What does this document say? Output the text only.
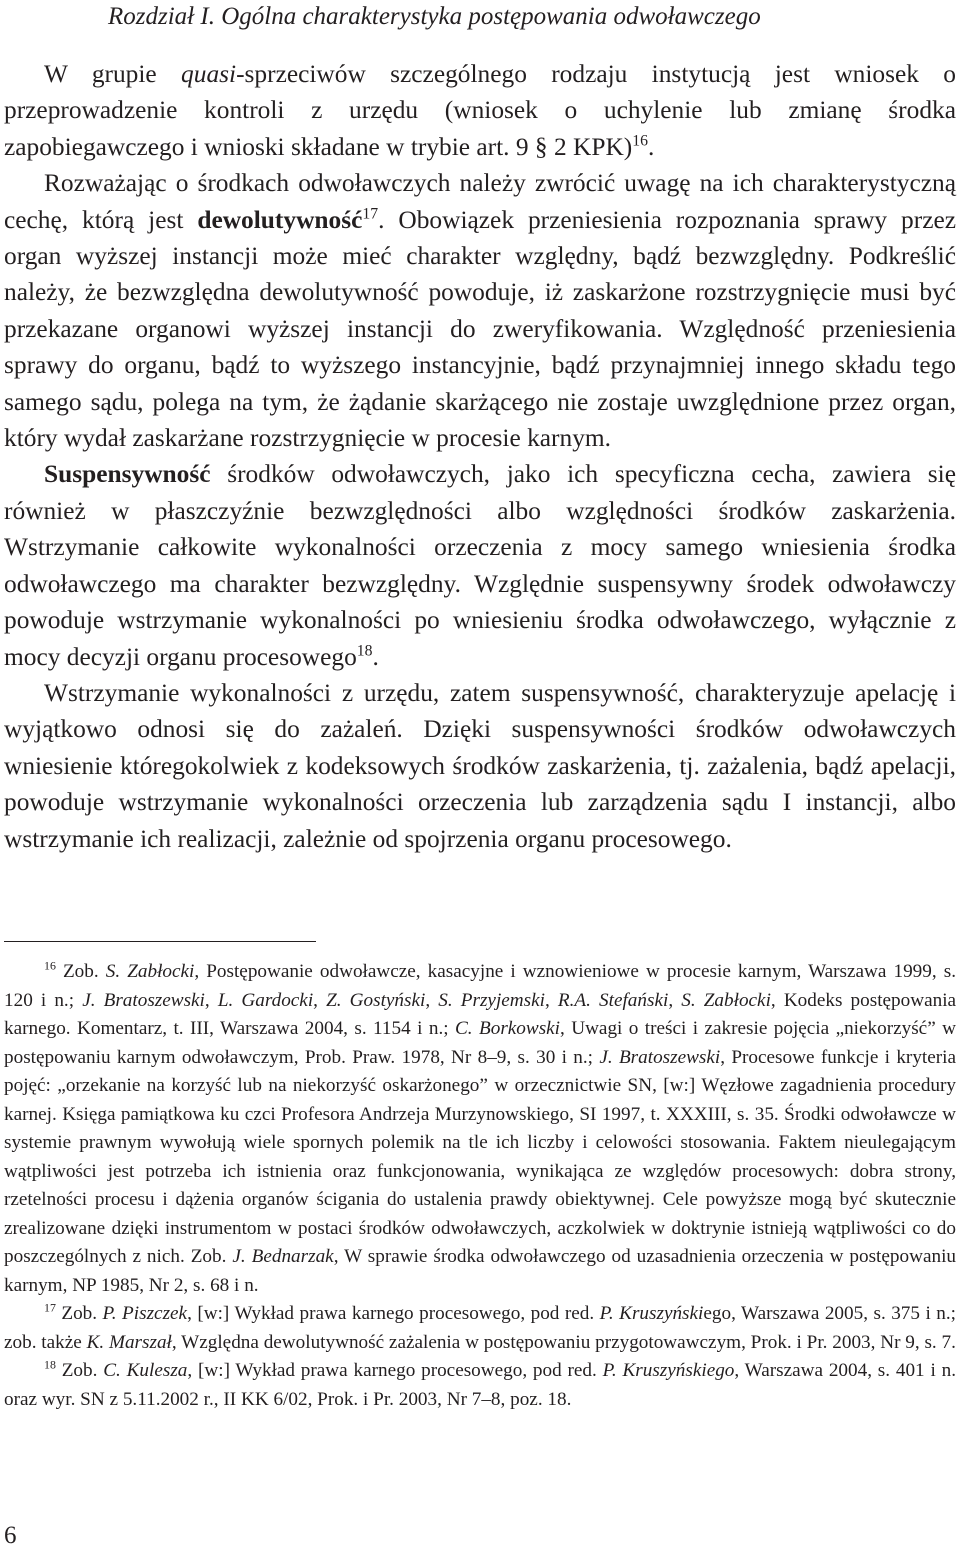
Rozdział I. Ogólna charakterystyka postępowania odwoławczego

W grupie quasi-sprzeciwów szczególnego rodzaju instytucją jest wniosek o przeprowadzenie kontroli z urzędu (wniosek o uchylenie lub zmianę środka zapobiegawczego i wnioski składane w trybie art. 9 § 2 KPK)$^{16}$.

Rozważając o środkach odwoławczych należy zwrócić uwagę na ich charakterystyczną cechę, którą jest dewolutywność$^{17}$. Obowiązek przeniesienia rozpoznania sprawy przez organ wyższej instancji może mieć charakter względny, bądź bezwzględny. Podkreślić należy, że bezwzględna dewolutywność powoduje, iż zaskarżone rozstrzygnięcie musi być przekazane organowi wyższej instancji do zweryfikowania. Względność przeniesienia sprawy do organu, bądź to wyższego instancyjnie, bądź przynajmniej innego składu tego samego sądu, polega na tym, że żądanie skarżącego nie zostaje uwzględnione przez organ, który wydał zaskarżane rozstrzygnięcie w procesie karnym.

Suspensywność środków odwoławczych, jako ich specyficzna cecha, zawiera się również w płaszczyźnie bezwzględności albo względności środków zaskarżenia. Wstrzymanie całkowite wykonalności orzeczenia z mocy samego wniesienia środka odwoławczego ma charakter bezwzględny. Względnie suspensywny środek odwoławczy powoduje wstrzymanie wykonalności po wniesieniu środka odwoławczego, wyłącznie z mocy decyzji organu procesowego$^{18}$.

Wstrzymanie wykonalności z urzędu, zatem suspensywność, charakteryzuje apelację i wyjątkowo odnosi się do zażaleń. Dzięki suspensywności środków odwoławczych wniesienie któregokolwiek z kodeksowych środków zaskarżenia, tj. zażalenia, bądź apelacji, powoduje wstrzymanie wykonalności orzeczenia lub zarządzenia sądu I instancji, albo wstrzymanie ich realizacji, zależnie od spojrzenia organu procesowego.

$^{16}$ Zob. S. Zabłocki, Postępowanie odwoławcze, kasacyjne i wznowieniowe w procesie karnym, Warszawa 1999, s. 120 i n.; J. Bratoszewski, L. Gardocki, Z. Gostyński, S. Przyjemski, R.A. Stefański, S. Zabłocki, Kodeks postępowania karnego. Komentarz, t. III, Warszawa 2004, s. 1154 i n.; C. Borkowski, Uwagi o treści i zakresie pojęcia „niekorzyść” w postępowaniu karnym odwoławczym, Prob. Praw. 1978, Nr 8–9, s. 30 i n.; J. Bratoszewski, Procesowe funkcje i kryteria pojęć: „orzekanie na korzyść lub na niekorzyść oskarżonego” w orzecznictwie SN, [w:] Węzłowe zagadnienia procedury karnej. Księga pamiątkowa ku czci Profesora Andrzeja Murzynowskiego, SI 1997, t. XXXIII, s. 35. Środki odwoławcze w systemie prawnym wywołują wiele spornych polemik na tle ich liczby i celowości stosowania. Faktem nieulegającym wątpliwości jest potrzeba ich istnienia oraz funkcjonowania, wynikająca ze względów procesowych: dobra strony, rzetelności procesu i dążenia organów ścigania do ustalenia prawdy obiektywnej. Cele powyższe mogą być skutecznie zrealizowane dzięki instrumentom w postaci środków odwoławczych, aczkolwiek w doktrynie istnieją wątpliwości co do poszczególnych z nich. Zob. J. Bednarzak, W sprawie środka odwoławczego od uzasadnienia orzeczenia w postępowaniu karnym, NP 1985, Nr 2, s. 68 i n.

$^{17}$ Zob. P. Piszczek, [w:] Wykład prawa karnego procesowego, pod red. P. Kruszyńskiego, Warszawa 2005, s. 375 i n.; zob. także K. Marszał, Względna dewolutywność zażalenia w postępowaniu przygotowawczym, Prok. i Pr. 2003, Nr 9, s. 7.

$^{18}$ Zob. C. Kulesza, [w:] Wykład prawa karnego procesowego, pod red. P. Kruszyńskiego, Warszawa 2004, s. 401 i n. oraz wyr. SN z 5.11.2002 r., II KK 6/02, Prok. i Pr. 2003, Nr 7–8, poz. 18.

6
